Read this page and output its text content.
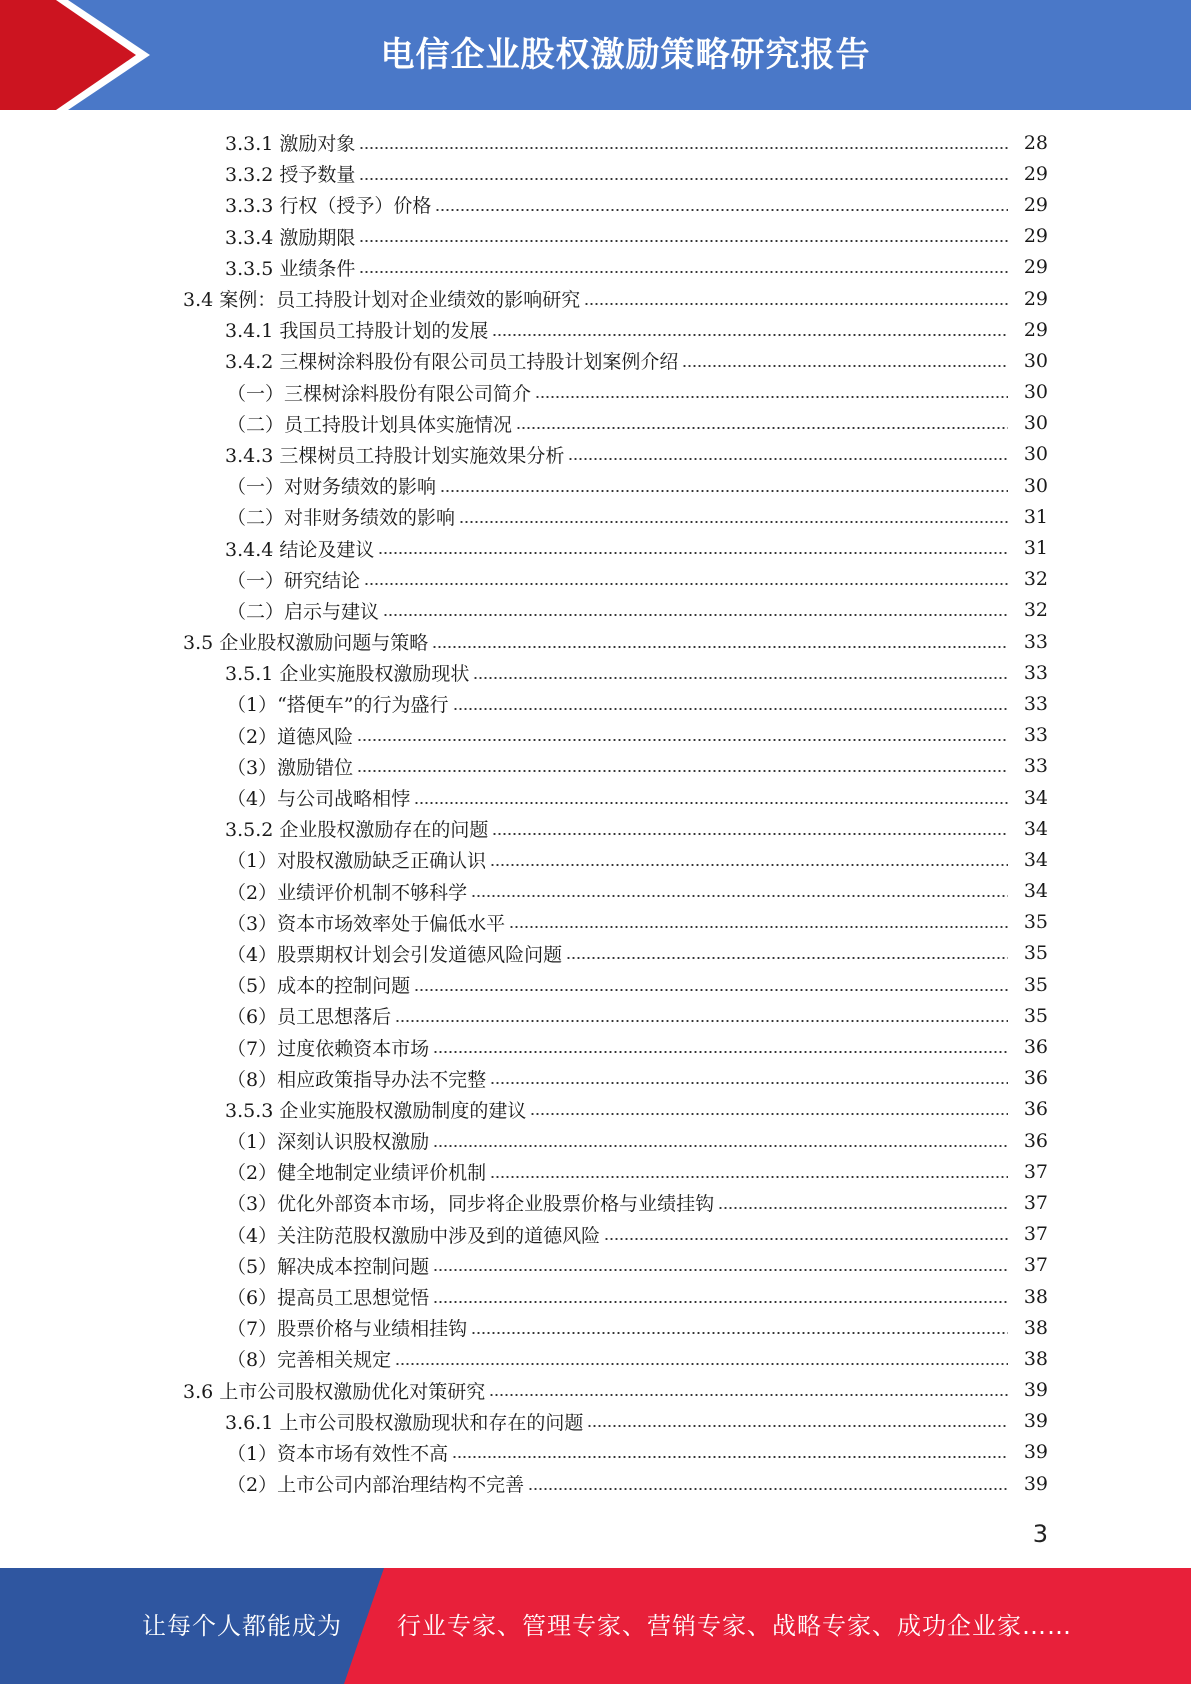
电信企业股权激励策略研究报告
3.3.1 激励对象	28
3.3.2 授予数量	29
3.3.3 行权（授予）价格	29
3.3.4 激励期限	29
3.3.5 业绩条件	29
3.4 案例：员工持股计划对企业绩效的影响研究	29
3.4.1 我国员工持股计划的发展	29
3.4.2 三棵树涂料股份有限公司员工持股计划案例介绍	30
（一）三棵树涂料股份有限公司简介	30
（二）员工持股计划具体实施情况	30
3.4.3 三棵树员工持股计划实施效果分析	30
（一）对财务绩效的影响	30
（二）对非财务绩效的影响	31
3.4.4 结论及建议	31
（一）研究结论	32
（二）启示与建议	32
3.5 企业股权激励问题与策略	33
3.5.1 企业实施股权激励现状	33
（1）“搭便车”的行为盛行	33
（2）道德风险	33
（3）激励错位	33
（4）与公司战略相悖	34
3.5.2 企业股权激励存在的问题	34
（1）对股权激励缺乏正确认识	34
（2）业绩评价机制不够科学	34
（3）资本市场效率处于偏低水平	35
（4）股票期权计划会引发道德风险问题	35
（5）成本的控制问题	35
（6）员工思想落后	35
（7）过度依赖资本市场	36
（8）相应政策指导办法不完整	36
3.5.3 企业实施股权激励制度的建议	36
（1）深刻认识股权激励	36
（2）健全地制定业绩评价机制	37
（3）优化外部资本市场，同步将企业股票价格与业绩挂钩	37
（4）关注防范股权激励中涉及到的道德风险	37
（5）解决成本控制问题	37
（6）提高员工思想觉悟	38
（7）股票价格与业绩相挂钩	38
（8）完善相关规定	38
3.6 上市公司股权激励优化对策研究	39
3.6.1 上市公司股权激励现状和存在的问题	39
（1）资本市场有效性不高	39
（2）上市公司内部治理结构不完善	39
3
让每个人都能成为 行业专家、管理专家、营销专家、战略专家、成功企业家……
